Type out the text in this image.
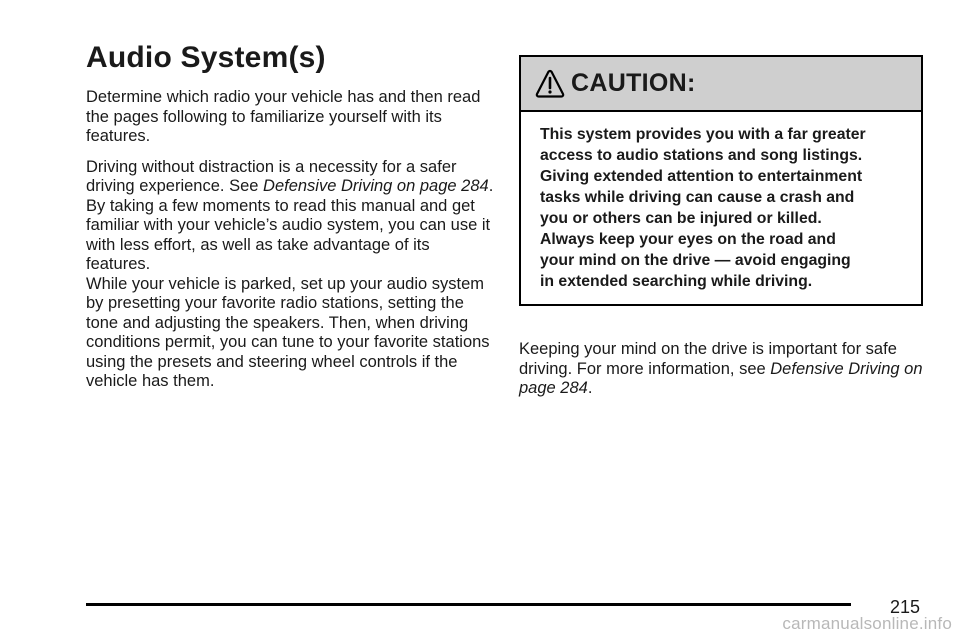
Audio System(s)

Determine which radio your vehicle has and then read the pages following to familiarize yourself with its features.

Driving without distraction is a necessity for a safer driving experience. See Defensive Driving on page 284. By taking a few moments to read this manual and get familiar with your vehicle’s audio system, you can use it with less effort, as well as take advantage of its features.

While your vehicle is parked, set up your audio system by presetting your favorite radio stations, setting the tone and adjusting the speakers. Then, when driving conditions permit, you can tune to your favorite stations using the presets and steering wheel controls if the vehicle has them.

CAUTION:
This system provides you with a far greater
access to audio stations and song listings.
Giving extended attention to entertainment
tasks while driving can cause a crash and
you or others can be injured or killed.
Always keep your eyes on the road and
your mind on the drive — avoid engaging
in extended searching while driving.

Keeping your mind on the drive is important for safe driving. For more information, see Defensive Driving on page 284.

215
carmanualsonline.info
